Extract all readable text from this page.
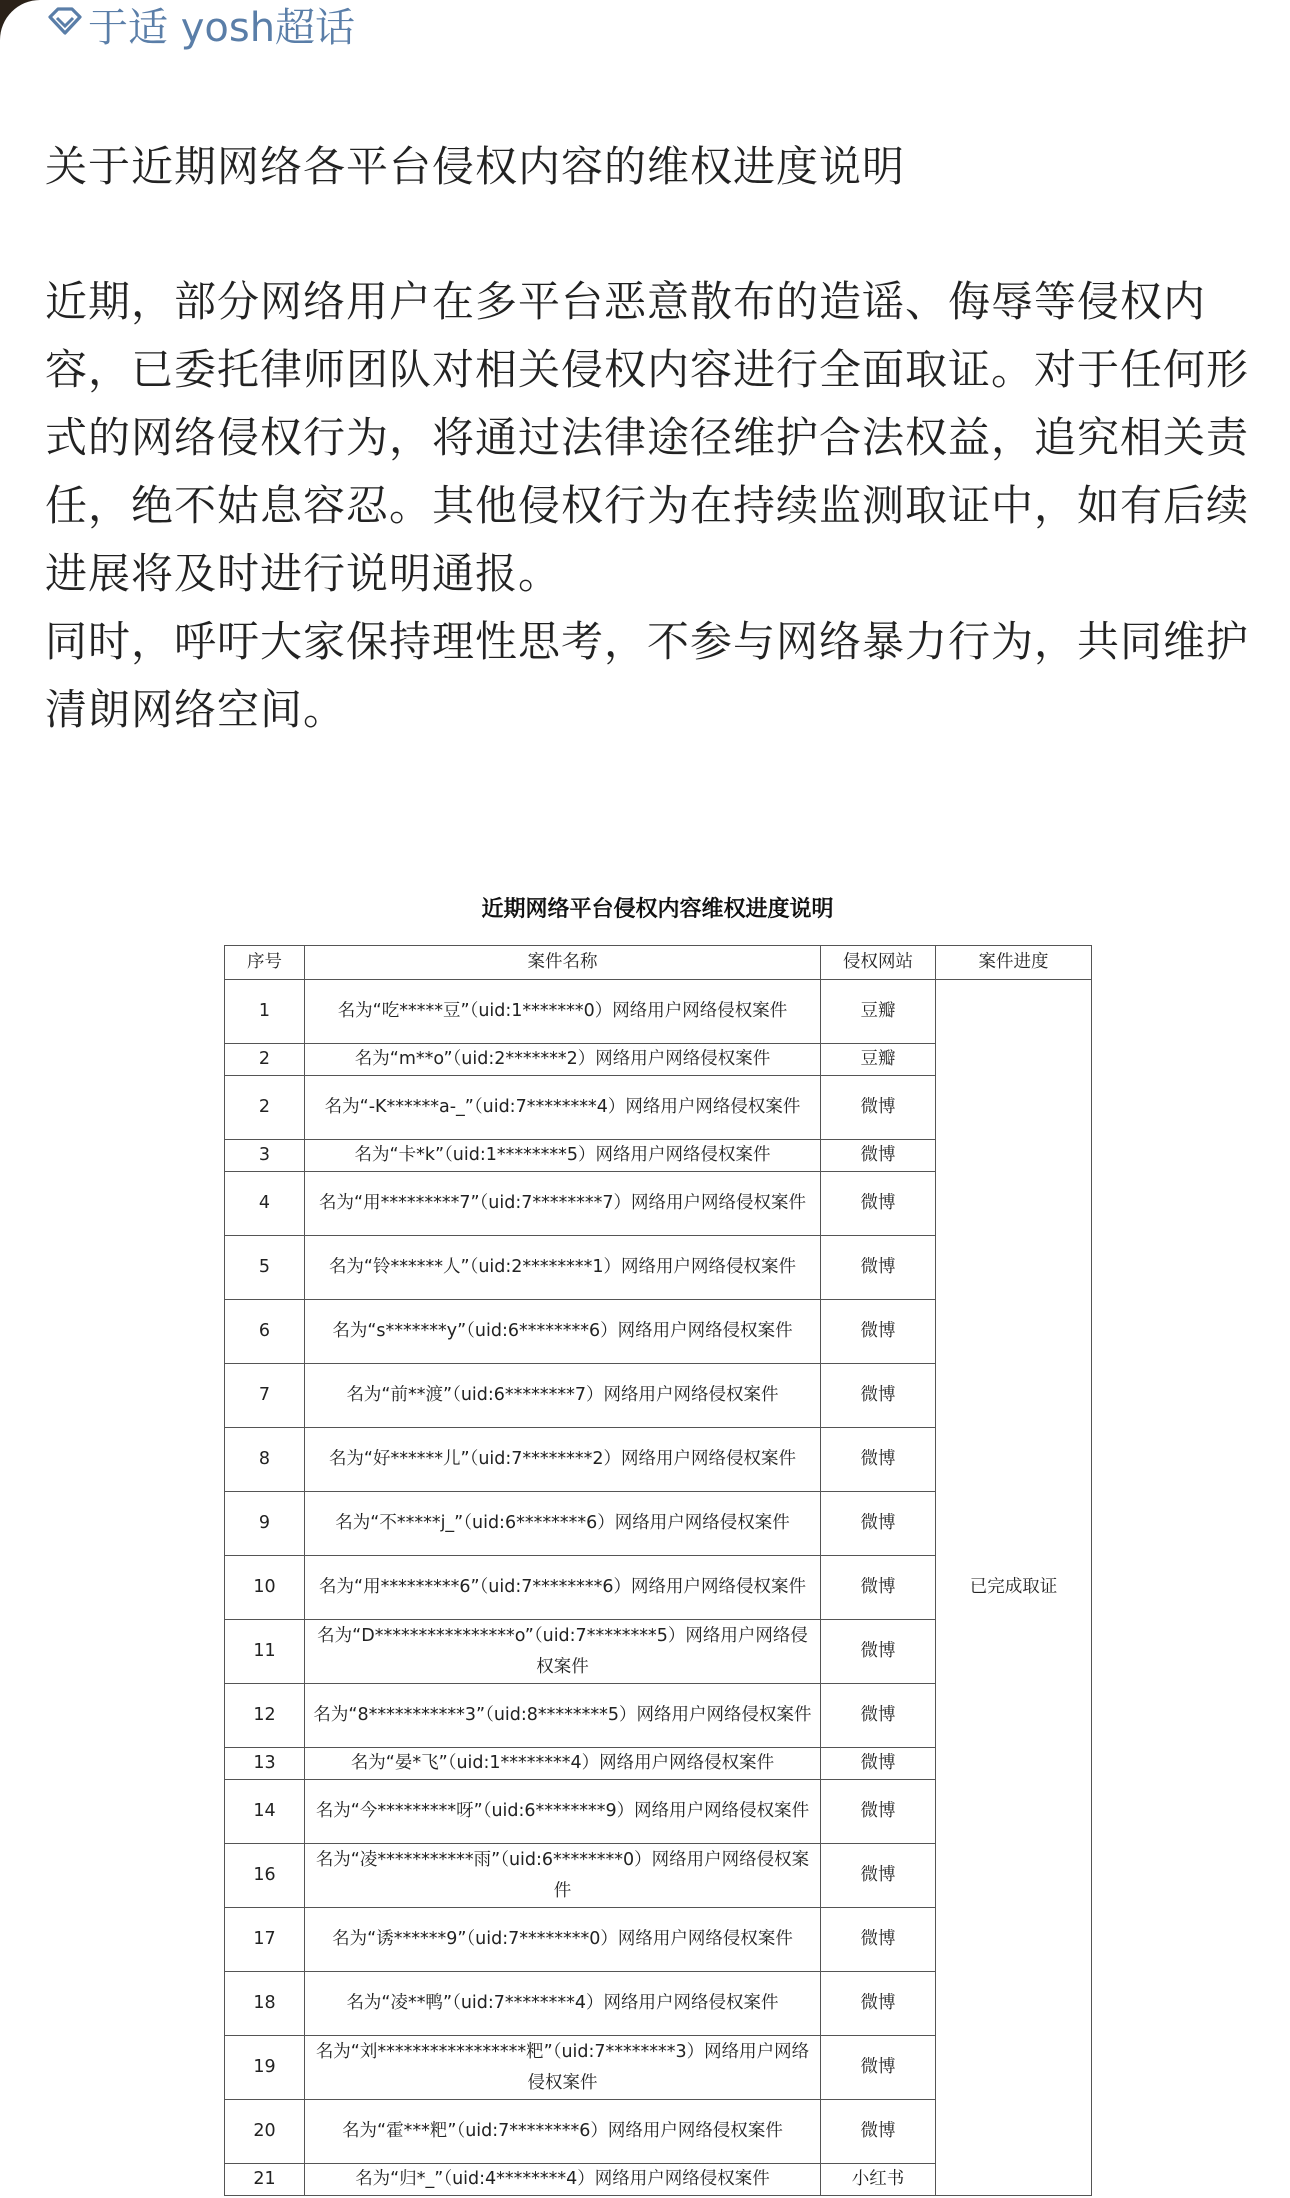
于适 yosh超话
关于近期网络各平台侵权内容的维权进度说明

近期，部分网络用户在多平台恶意散布的造谣、侮辱等侵权内容，已委托律师团队对相关侵权内容进行全面取证。对于任何形式的网络侵权行为，将通过法律途径维护合法权益，追究相关责任，绝不姑息容忍。其他侵权行为在持续监测取证中，如有后续进展将及时进行说明通报。

同时，呼吁大家保持理性思考，不参与网络暴力行为，共同维护清朗网络空间。

近期网络平台侵权内容维权进度说明
序号	案件名称	侵权网站	案件进度
1	名为“吃*****豆”（uid:1*******0）网络用户网络侵权案件	豆瓣	已完成取证
2	名为“m**o”（uid:2*******2）网络用户网络侵权案件	豆瓣	
2	名为“-K******a-_”（uid:7********4）网络用户网络侵权案件	微博	
3	名为“卡*k”（uid:1********5）网络用户网络侵权案件	微博	
4	名为“用*********7”（uid:7********7）网络用户网络侵权案件	微博	
5	名为“铃******人”（uid:2********1）网络用户网络侵权案件	微博	
6	名为“s*******y”（uid:6********6）网络用户网络侵权案件	微博	
7	名为“前**渡”（uid:6********7）网络用户网络侵权案件	微博	
8	名为“好******儿”（uid:7********2）网络用户网络侵权案件	微博	
9	名为“不*****j_”（uid:6********6）网络用户网络侵权案件	微博	
10	名为“用*********6”（uid:7********6）网络用户网络侵权案件	微博	
11	名为“D****************o”（uid:7********5）网络用户网络侵权案件	微博	
12	名为“8***********3”（uid:8********5）网络用户网络侵权案件	微博	
13	名为“晏*飞”（uid:1********4）网络用户网络侵权案件	微博	
14	名为“今*********呀”（uid:6********9）网络用户网络侵权案件	微博	
16	名为“凌***********雨”（uid:6********0）网络用户网络侵权案件	微博	
17	名为“诱******9”（uid:7********0）网络用户网络侵权案件	微博	
18	名为“凌**鸭”（uid:7********4）网络用户网络侵权案件	微博	
19	名为“刘*****************粑”（uid:7********3）网络用户网络侵权案件	微博	
20	名为“霍***粑”（uid:7********6）网络用户网络侵权案件	微博	
21	名为“归*_”（uid:4********4）网络用户网络侵权案件	小红书	
